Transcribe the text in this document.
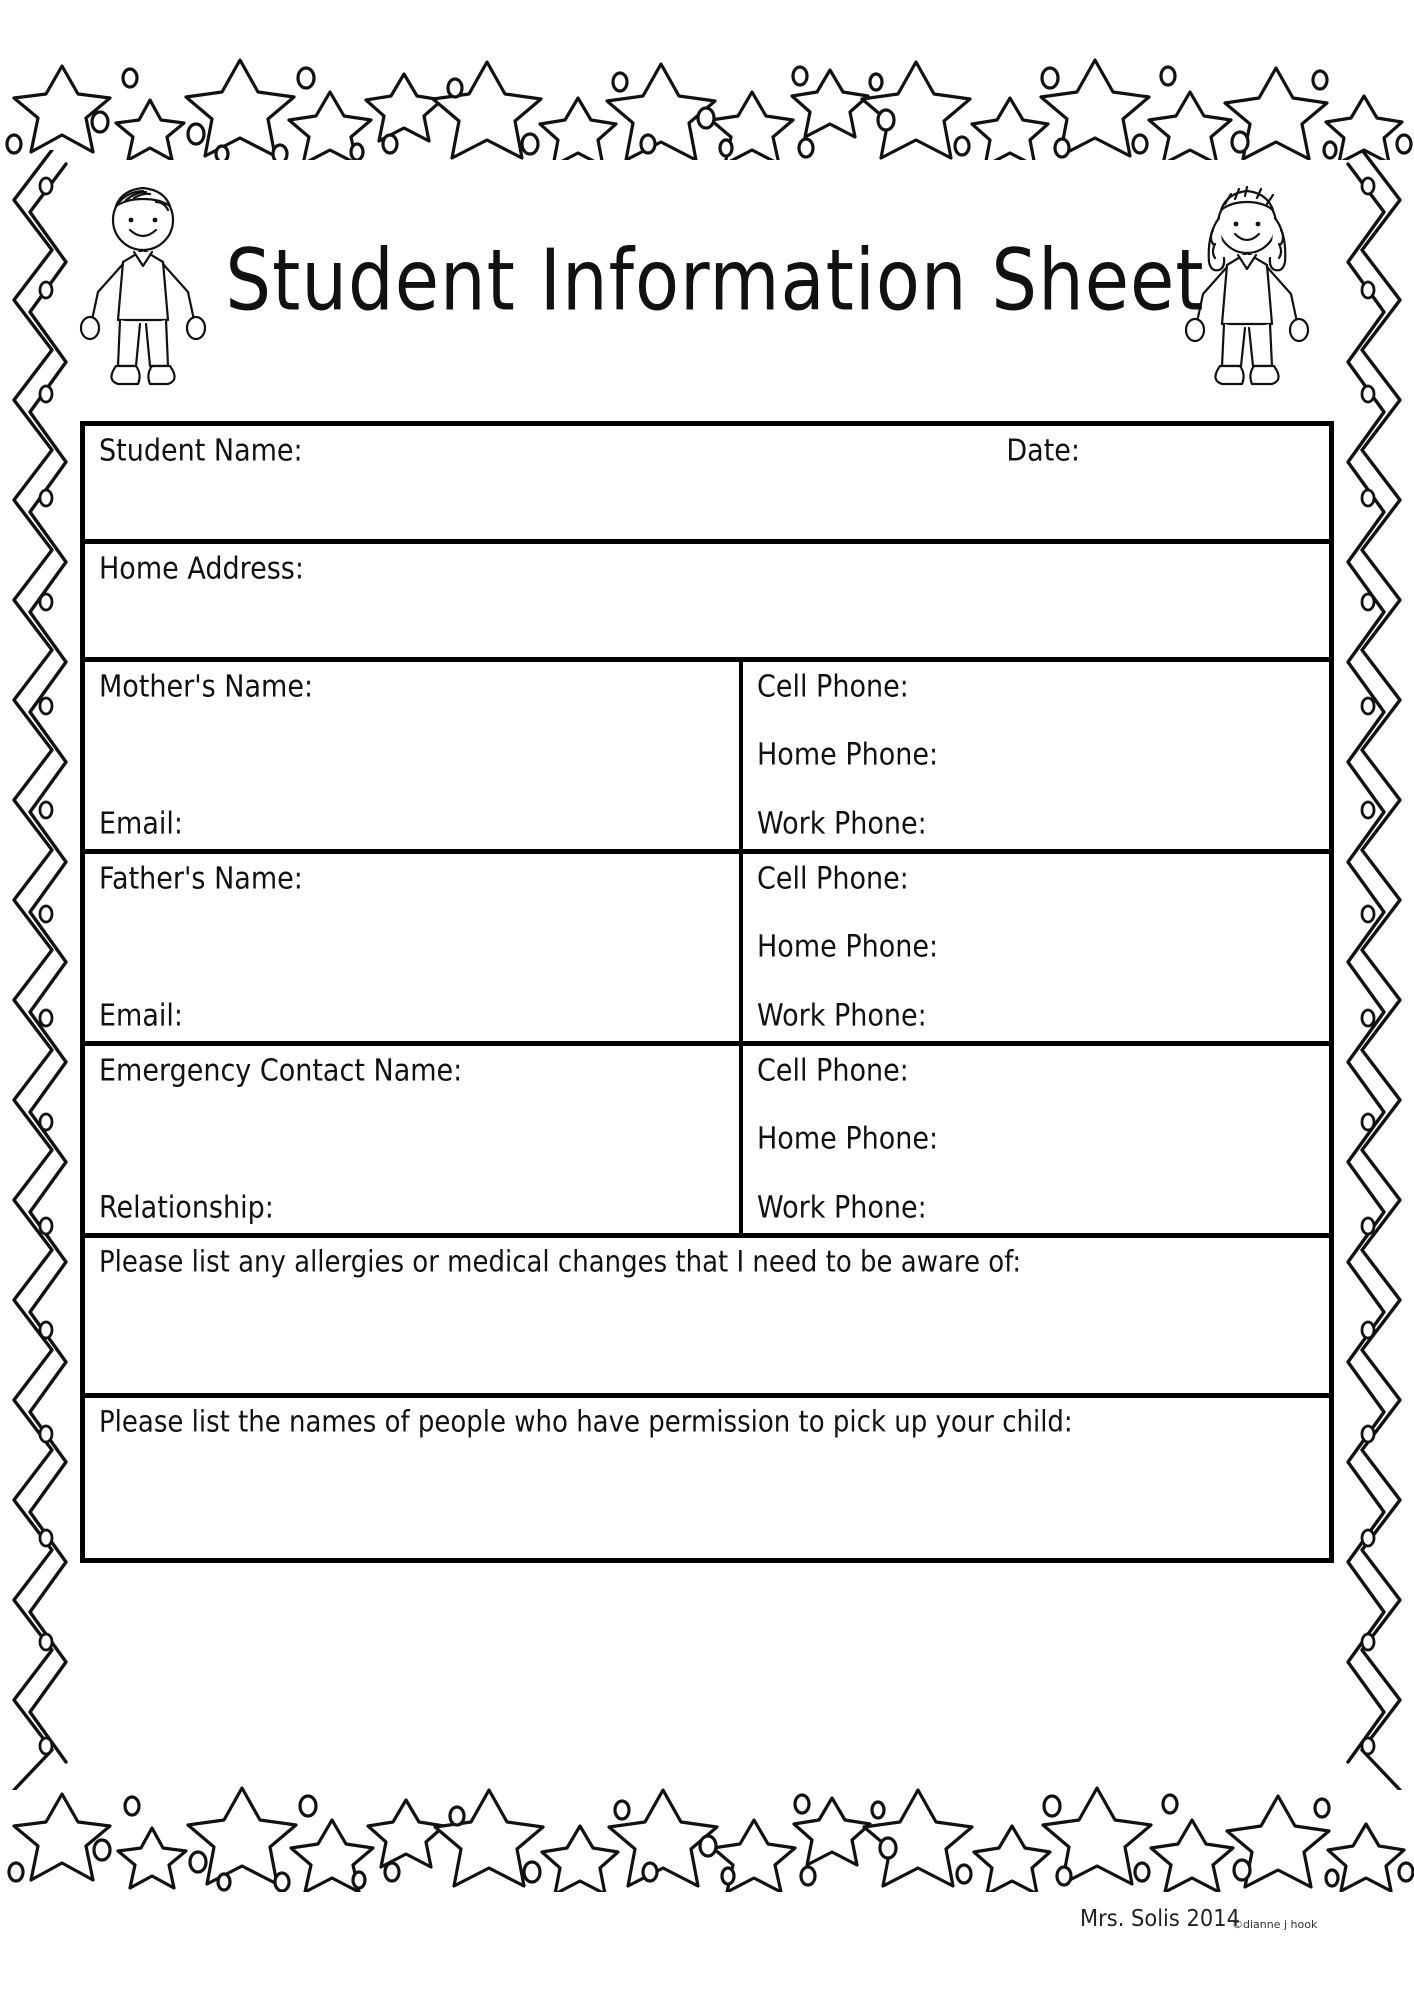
Student Information Sheet
Student Name:	Date:
Home Address:
Mother's Name:
Email:
Cell Phone:
Home Phone:
Work Phone:
Father's Name:
Email:
Cell Phone:
Home Phone:
Work Phone:
Emergency Contact Name:
Relationship:
Cell Phone:
Home Phone:
Work Phone:
Please list any allergies or medical changes that I need to be aware of:
Please list the names of people who have permission to pick up your child:
Mrs. Solis 2014
©dianne j hook
